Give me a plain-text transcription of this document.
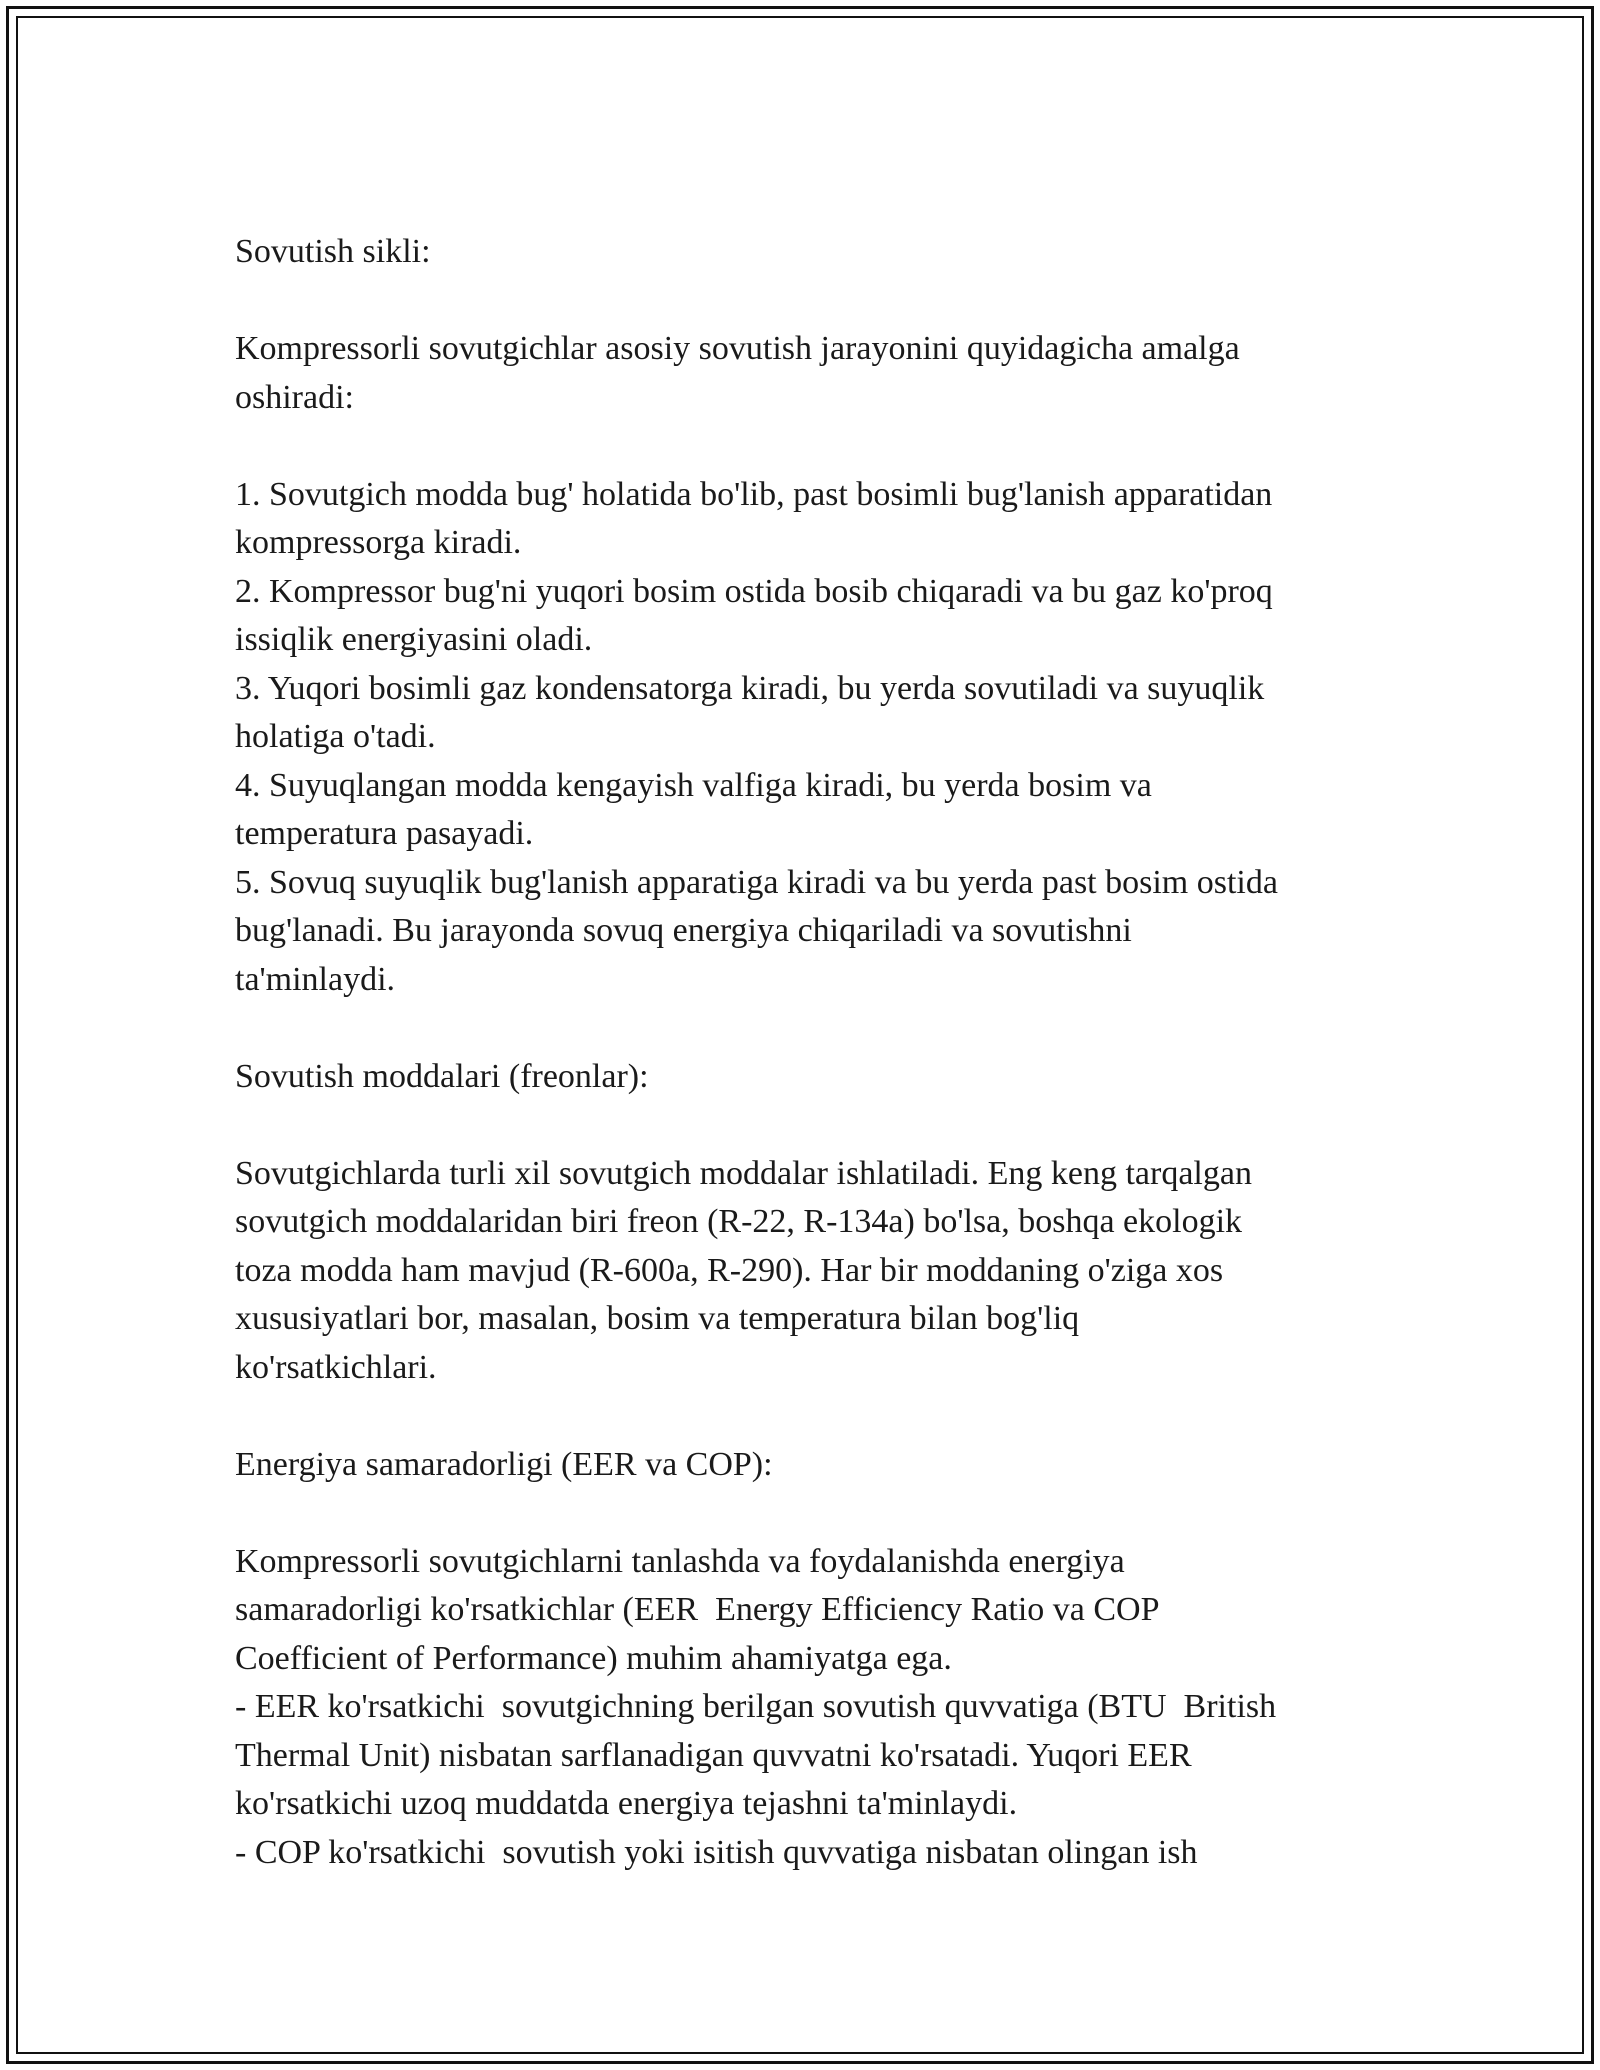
Sovutish sikli:
Kompressorli sovutgichlar asosiy sovutish jarayonini quyidagicha amalga
oshiradi:
1. Sovutgich modda bug' holatida bo'lib, past bosimli bug'lanish apparatidan
kompressorga kiradi.
2. Kompressor bug'ni yuqori bosim ostida bosib chiqaradi va bu gaz ko'proq
issiqlik energiyasini oladi.
3. Yuqori bosimli gaz kondensatorga kiradi, bu yerda sovutiladi va suyuqlik
holatiga o'tadi.
4. Suyuqlangan modda kengayish valfiga kiradi, bu yerda bosim va
temperatura pasayadi.
5. Sovuq suyuqlik bug'lanish apparatiga kiradi va bu yerda past bosim ostida
bug'lanadi. Bu jarayonda sovuq energiya chiqariladi va sovutishni
ta'minlaydi.
Sovutish moddalari (freonlar):
Sovutgichlarda turli xil sovutgich moddalar ishlatiladi. Eng keng tarqalgan
sovutgich moddalaridan biri freon (R-22, R-134a) bo'lsa, boshqa ekologik
toza modda ham mavjud (R-600a, R-290). Har bir moddaning o'ziga xos
xususiyatlari bor, masalan, bosim va temperatura bilan bog'liq
ko'rsatkichlari.
Energiya samaradorligi (EER va COP):
Kompressorli sovutgichlarni tanlashda va foydalanishda energiya
samaradorligi ko'rsatkichlar (EER  Energy Efficiency Ratio va COP
Coefficient of Performance) muhim ahamiyatga ega.
- EER ko'rsatkichi  sovutgichning berilgan sovutish quvvatiga (BTU  British
Thermal Unit) nisbatan sarflanadigan quvvatni ko'rsatadi. Yuqori EER
ko'rsatkichi uzoq muddatda energiya tejashni ta'minlaydi.
- COP ko'rsatkichi  sovutish yoki isitish quvvatiga nisbatan olingan ish
